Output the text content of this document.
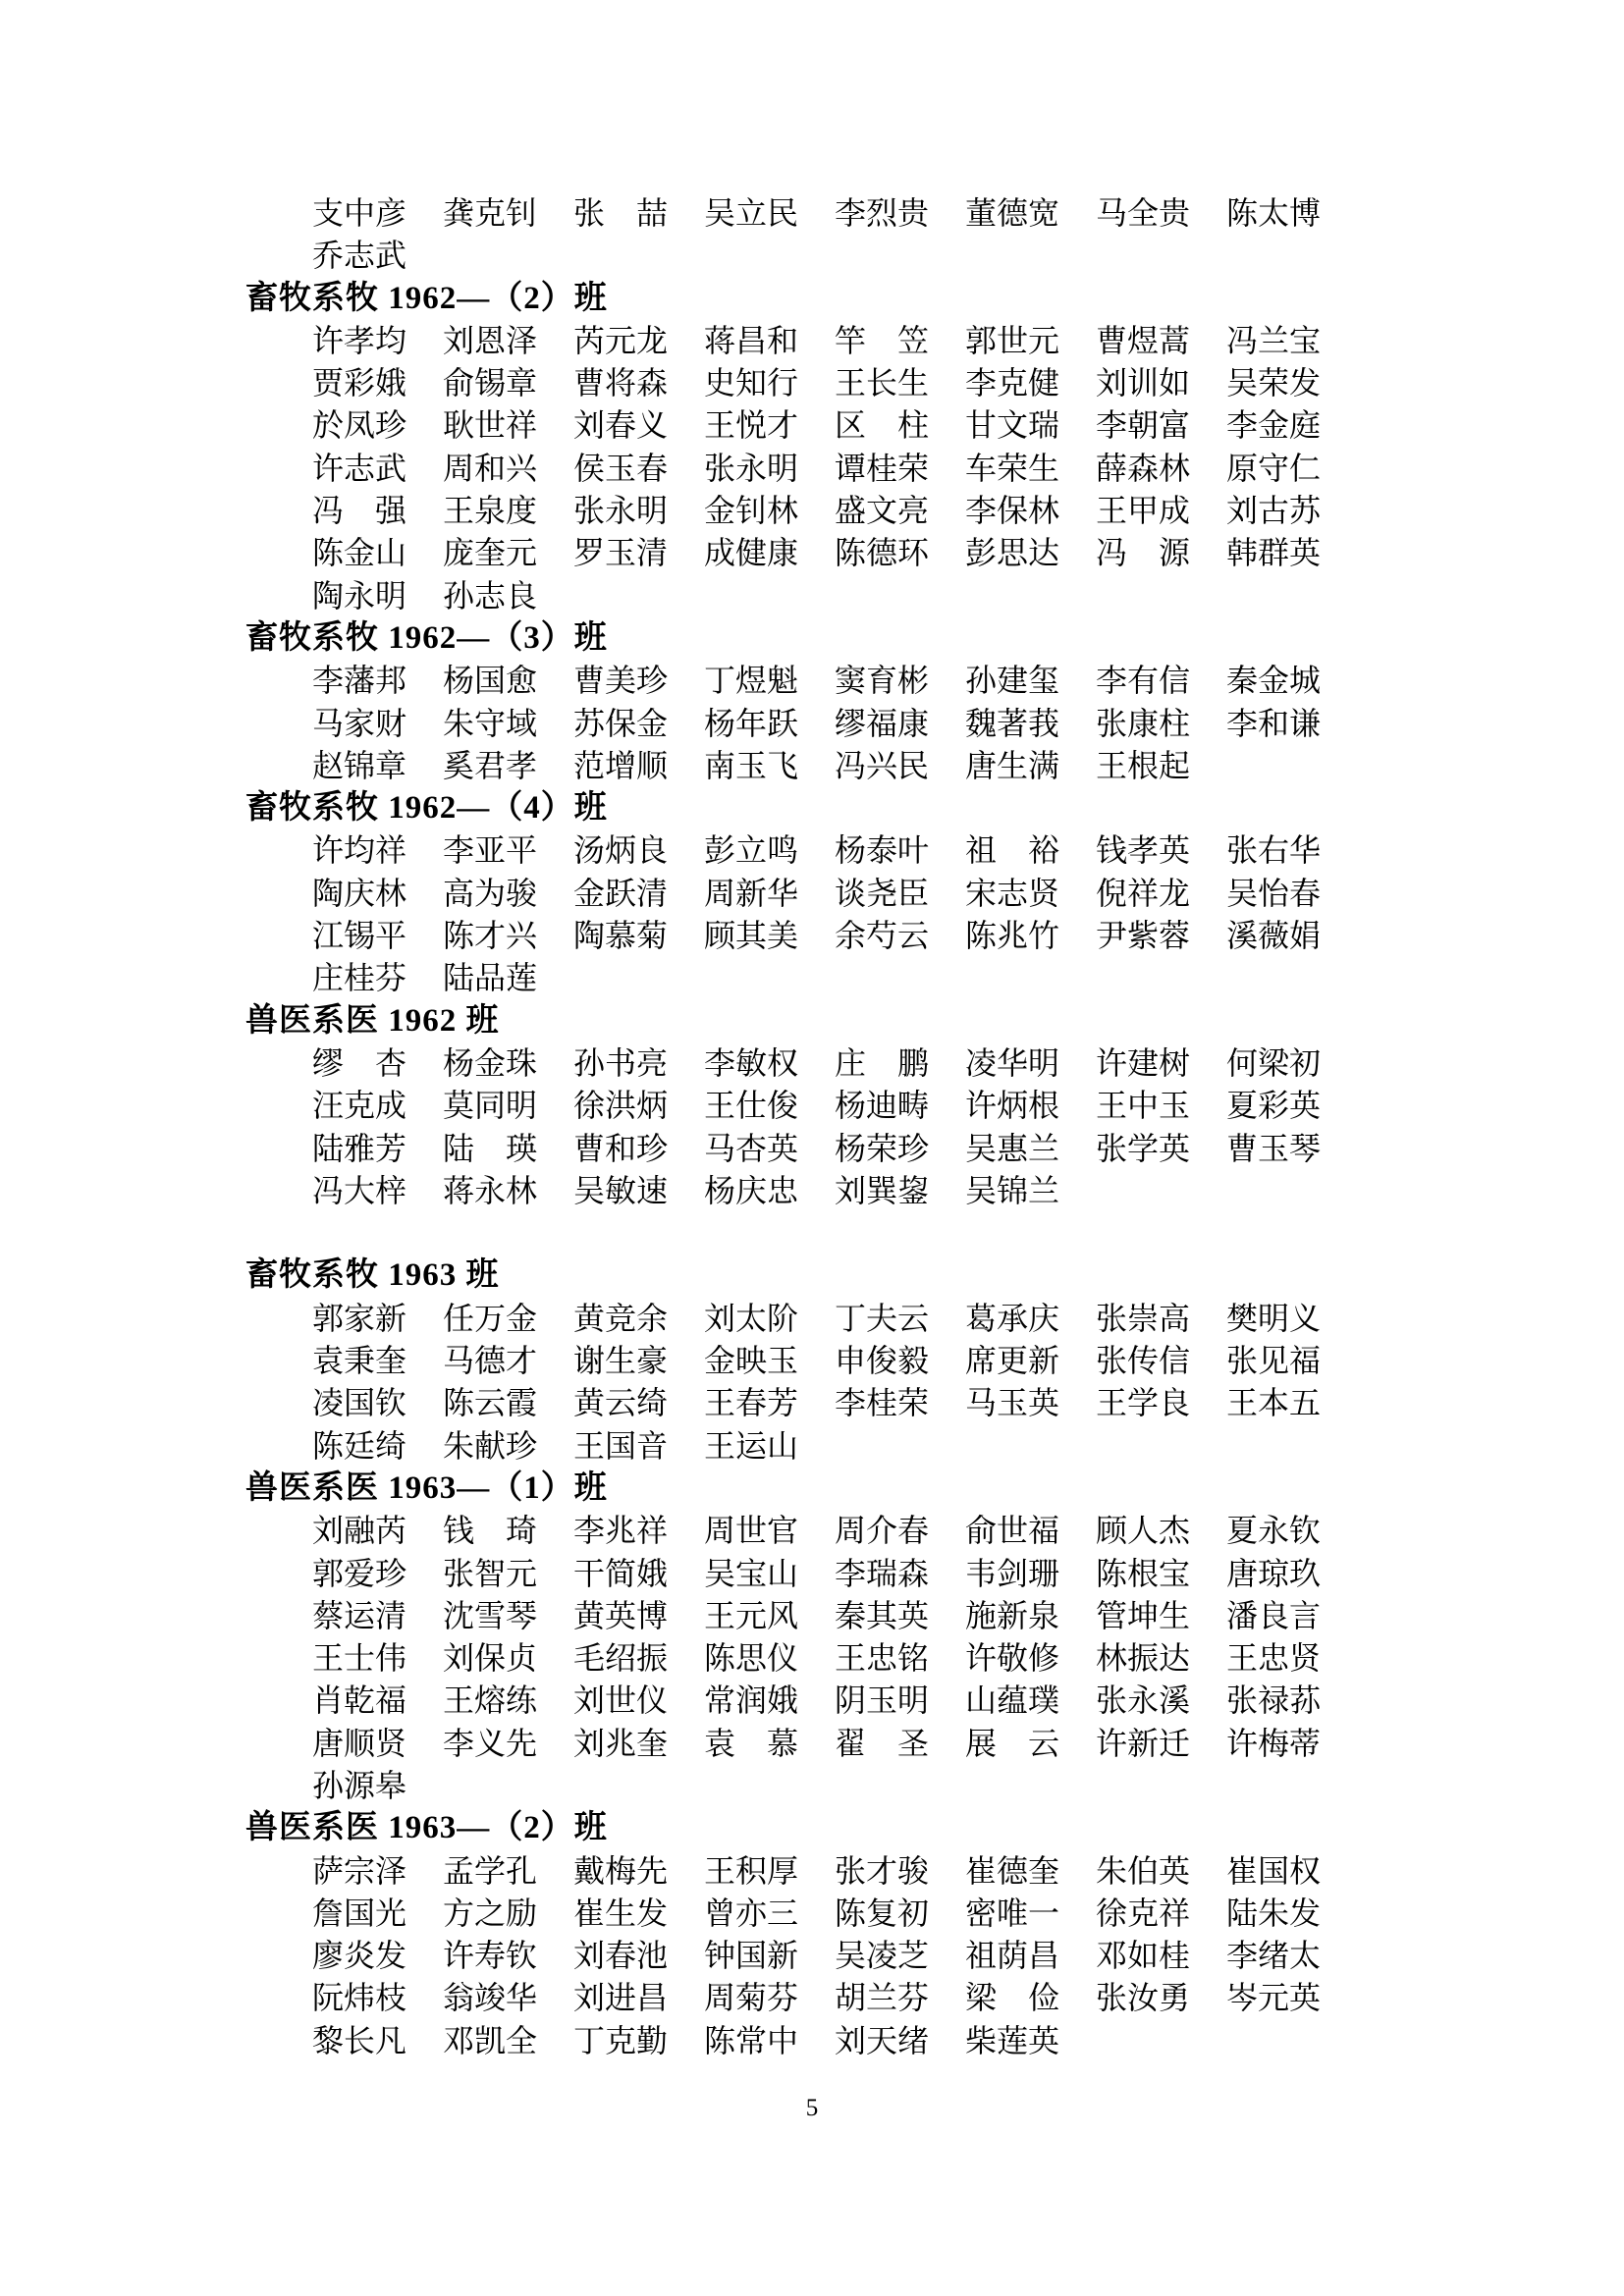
支中彦	龚克钊	张　喆	吴立民	李烈贵	董德宽	马全贵	陈太博
乔志武
畜牧系牧 1962—（2）班
许孝均	刘恩泽	芮元龙	蒋昌和	竿　笠	郭世元	曹煜蒿	冯兰宝
贾彩娥	俞锡章	曹将森	史知行	王长生	李克健	刘训如	吴荣发
於凤珍	耿世祥	刘春义	王悦才	区　柱	甘文瑞	李朝富	李金庭
许志武	周和兴	侯玉春	张永明	谭桂荣	车荣生	薛森林	原守仁
冯　强	王泉度	张永明	金钊林	盛文亮	李保林	王甲成	刘古苏
陈金山	庞奎元	罗玉清	成健康	陈德环	彭思达	冯　源	韩群英
陶永明	孙志良
畜牧系牧 1962—（3）班
李藩邦	杨国愈	曹美珍	丁煜魁	窦育彬	孙建玺	李有信	秦金城
马家财	朱守域	苏保金	杨年跃	缪福康	魏著莪	张康柱	李和谦
赵锦章	奚君孝	范增顺	南玉飞	冯兴民	唐生满	王根起
畜牧系牧 1962—（4）班
许均祥	李亚平	汤炳良	彭立鸣	杨泰叶	祖　裕	钱孝英	张右华
陶庆林	高为骏	金跃清	周新华	谈尧臣	宋志贤	倪祥龙	吴怡春
江锡平	陈才兴	陶慕菊	顾其美	余芍云	陈兆竹	尹紫蓉	溪薇娟
庄桂芬	陆品莲
兽医系医 1962 班
缪　杏	杨金珠	孙书亮	李敏权	庄　鹏	凌华明	许建树	何梁初
汪克成	莫同明	徐洪炳	王仕俊	杨迪畴	许炳根	王中玉	夏彩英
陆雅芳	陆　瑛	曹和珍	马杏英	杨荣珍	吴惠兰	张学英	曹玉琴
冯大梓	蒋永林	吴敏速	杨庆忠	刘巽鋆	吴锦兰
畜牧系牧 1963 班
郭家新	任万金	黄竞余	刘太阶	丁夫云	葛承庆	张崇高	樊明义
袁秉奎	马德才	谢生豪	金映玉	申俊毅	席更新	张传信	张见福
凌国钦	陈云霞	黄云绮	王春芳	李桂荣	马玉英	王学良	王本五
陈廷绮	朱献珍	王国音	王运山
兽医系医 1963—（1）班
刘融芮	钱　琦	李兆祥	周世官	周介春	俞世福	顾人杰	夏永钦
郭爱珍	张智元	干简娥	吴宝山	李瑞森	韦剑珊	陈根宝	唐琼玖
蔡运清	沈雪琴	黄英博	王元风	秦其英	施新泉	管坤生	潘良言
王士伟	刘保贞	毛绍振	陈思仪	王忠铭	许敬修	林振达	王忠贤
肖乾福	王熔练	刘世仪	常润娥	阴玉明	山蕴璞	张永溪	张禄荪
唐顺贤	李义先	刘兆奎	袁　慕	翟　圣	展　云	许新迁	许梅蒂
孙源皋
兽医系医 1963—（2）班
萨宗泽	孟学孔	戴梅先	王积厚	张才骏	崔德奎	朱伯英	崔国权
詹国光	方之励	崔生发	曾亦三	陈复初	密唯一	徐克祥	陆朱发
廖炎发	许寿钦	刘春池	钟国新	吴凌芝	祖荫昌	邓如桂	李绪太
阮炜枝	翁竣华	刘进昌	周菊芬	胡兰芬	梁　俭	张汝勇	岑元英
黎长凡	邓凯全	丁克勤	陈常中	刘天绪	柴莲英
5
